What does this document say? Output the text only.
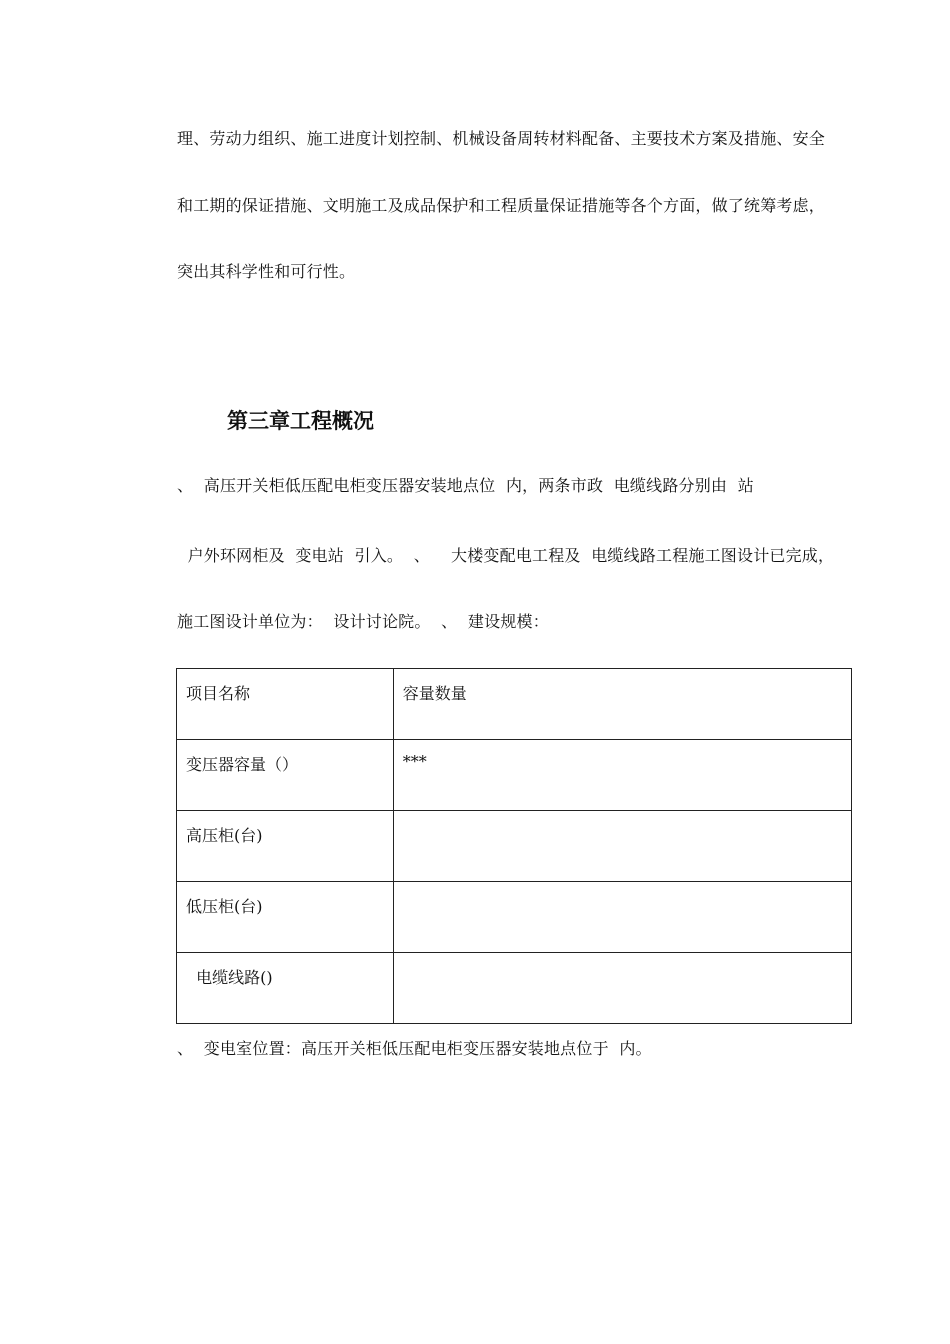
理、劳动力组织、施工进度计划控制、机械设备周转材料配备、主要技术方案及措施、安全
和工期的保证措施、文明施工及成品保护和工程质量保证措施等各个方面，做了统筹考虑，
突出其科学性和可行性。
第三章工程概况
、  高压开关柜低压配电柜变压器安装地点位  内，两条市政  电缆线路分别由  站
户外环网柜及  变电站  引入。  、    大楼变配电工程及  电缆线路工程施工图设计已完成，
施工图设计单位为：  设计讨论院。  、  建设规模：
项目名称	容量数量
变压器容量（）	***
高压柜(台)	
低压柜(台)	
电缆线路()	
、  变电室位置：高压开关柜低压配电柜变压器安装地点位于  内。
